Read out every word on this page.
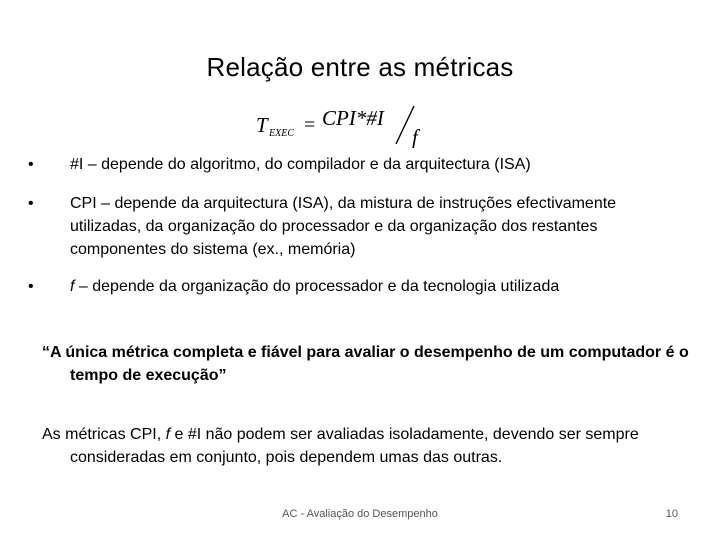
Relação entre as métricas
T EXEC = CPI*#I
f
• #I – depende do algoritmo, do compilador e da arquitectura (ISA)
• CPI – depende da arquitectura (ISA), da mistura de instruções efectivamente utilizadas, da organização do processador e da organização dos restantes componentes do sistema (ex., memória)
• f – depende da organização do processador e da tecnologia utilizada
“A única métrica completa e fiável para avaliar o desempenho de um computador é o tempo de execução”
As métricas CPI, f e #I não podem ser avaliadas isoladamente, devendo ser sempre consideradas em conjunto, pois dependem umas das outras.
AC - Avaliação do Desempenho	10
